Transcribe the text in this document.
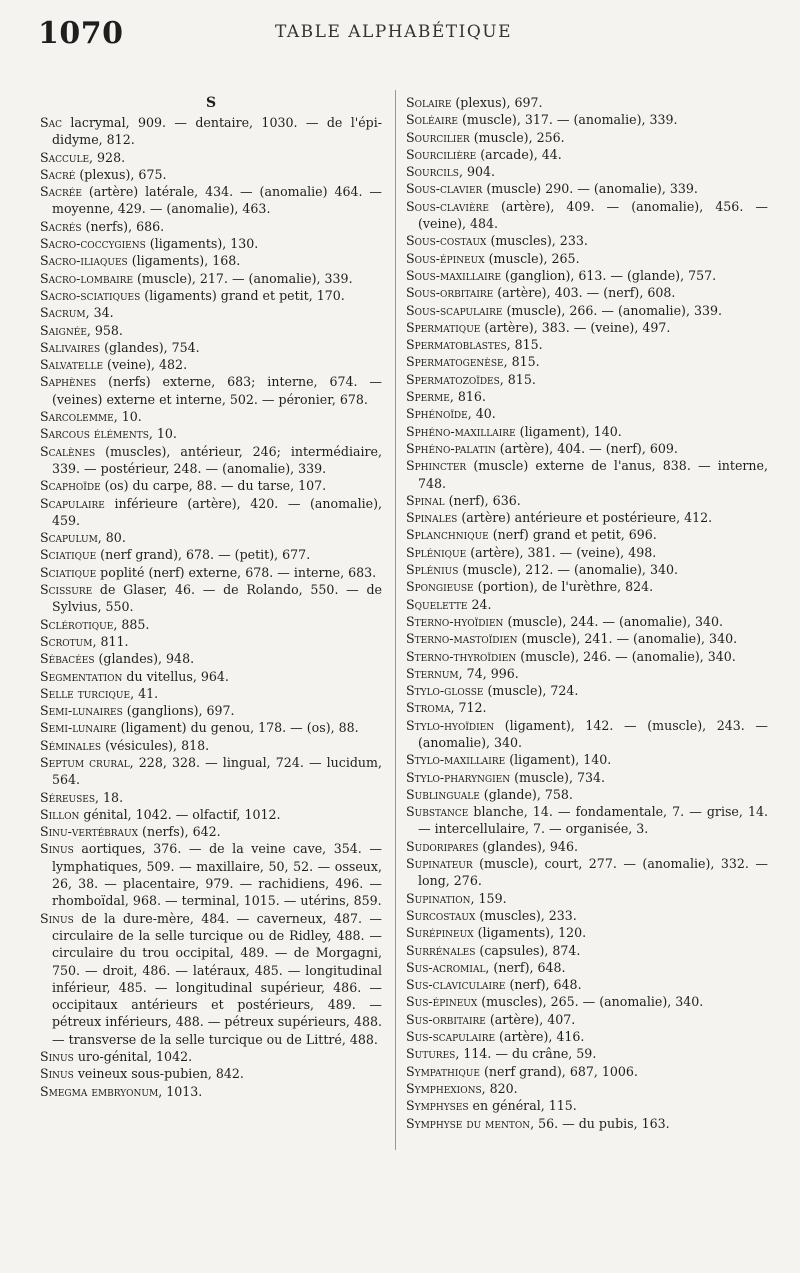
1070	TABLE ALPHABÉTIQUE
S

Sac lacrymal, 909. — dentaire, 1030. — de l'épi-didyme, 812.

Saccule, 928.

Sacré (plexus), 675.

Sacrée (artère) latérale, 434. — (anomalie) 464. — moyenne, 429. — (anomalie), 463.

Sacrés (nerfs), 686.

Sacro-coccygiens (ligaments), 130.

Sacro-iliaques (ligaments), 168.

Sacro-lombaire (muscle), 217. — (anomalie), 339.

Sacro-sciatiques (ligaments) grand et petit, 170.

Sacrum, 34.

Saignée, 958.

Salivaires (glandes), 754.

Salvatelle (veine), 482.

Saphènes (nerfs) externe, 683; interne, 674. — (veines) externe et interne, 502. — péronier, 678.

Sarcolemme, 10.

Sarcous éléments, 10.

Scalènes (muscles), antérieur, 246; intermédiaire, 339. — postérieur, 248. — (anomalie), 339.

Scaphoïde (os) du carpe, 88. — du tarse, 107.

Scapulaire inférieure (artère), 420. — (anomalie), 459.

Scapulum, 80.

Sciatique (nerf grand), 678. — (petit), 677.

Sciatique poplité (nerf) externe, 678. — interne, 683.

Scissure de Glaser, 46. — de Rolando, 550. — de Sylvius, 550.

Sclérotique, 885.

Scrotum, 811.

Sébacées (glandes), 948.

Segmentation du vitellus, 964.

Selle turcique, 41.

Semi-lunaires (ganglions), 697.

Semi-lunaire (ligament) du genou, 178. — (os), 88.

Séminales (vésicules), 818.

Septum crural, 228, 328. — lingual, 724. — lucidum, 564.

Séreuses, 18.

Sillon génital, 1042. — olfactif, 1012.

Sinu-vertébraux (nerfs), 642.

Sinus aortiques, 376. — de la veine cave, 354. — lymphatiques, 509. — maxillaire, 50, 52. — osseux, 26, 38. — placentaire, 979. — rachidiens, 496. — rhomboïdal, 968. — terminal, 1015. — utérins, 859.

Sinus de la dure-mère, 484. — caverneux, 487. — circulaire de la selle turcique ou de Ridley, 488. — circulaire du trou occipital, 489. — de Morgagni, 750. — droit, 486. — latéraux, 485. — longitudinal inférieur, 485. — longitudinal supérieur, 486. — occipitaux antérieurs et postérieurs, 489. — pétreux inférieurs, 488. — pétreux supérieurs, 488. — transverse de la selle turcique ou de Littré, 488.

Sinus uro-génital, 1042.

Sinus veineux sous-pubien, 842.

Smegma embryonum, 1013.

Solaire (plexus), 697.

Soléaire (muscle), 317. — (anomalie), 339.

Sourcilier (muscle), 256.

Sourcilière (arcade), 44.

Sourcils, 904.

Sous-clavier (muscle) 290. — (anomalie), 339.

Sous-clavière (artère), 409. — (anomalie), 456. — (veine), 484.

Sous-costaux (muscles), 233.

Sous-épineux (muscle), 265.

Sous-maxillaire (ganglion), 613. — (glande), 757.

Sous-orbitaire (artère), 403. — (nerf), 608.

Sous-scapulaire (muscle), 266. — (anomalie), 339.

Spermatique (artère), 383. — (veine), 497.

Spermatoblastes, 815.

Spermatogenèse, 815.

Spermatozoïdes, 815.

Sperme, 816.

Sphénoïde, 40.

Sphéno-maxillaire (ligament), 140.

Sphéno-palatin (artère), 404. — (nerf), 609.

Sphincter (muscle) externe de l'anus, 838. — interne, 748.

Spinal (nerf), 636.

Spinales (artère) antérieure et postérieure, 412.

Splanchnique (nerf) grand et petit, 696.

Splénique (artère), 381. — (veine), 498.

Splénius (muscle), 212. — (anomalie), 340.

Spongieuse (portion), de l'urèthre, 824.

Squelette 24.

Sterno-hyoïdien (muscle), 244. — (anomalie), 340.

Sterno-mastoïdien (muscle), 241. — (anomalie), 340.

Sterno-thyroïdien (muscle), 246. — (anomalie), 340.

Sternum, 74, 996.

Stylo-glosse (muscle), 724.

Stroma, 712.

Stylo-hyoïdien (ligament), 142. — (muscle), 243. — (anomalie), 340.

Stylo-maxillaire (ligament), 140.

Stylo-pharyngien (muscle), 734.

Sublinguale (glande), 758.

Substance blanche, 14. — fondamentale, 7. — grise, 14. — intercellulaire, 7. — organisée, 3.

Sudoripares (glandes), 946.

Supinateur (muscle), court, 277. — (anomalie), 332. — long, 276.

Supination, 159.

Surcostaux (muscles), 233.

Surépineux (ligaments), 120.

Surrénales (capsules), 874.

Sus-acromial, (nerf), 648.

Sus-claviculaire (nerf), 648.

Sus-épineux (muscles), 265. — (anomalie), 340.

Sus-orbitaire (artère), 407.

Sus-scapulaire (artère), 416.

Sutures, 114. — du crâne, 59.

Sympathique (nerf grand), 687, 1006.

Symphexions, 820.

Symphyses en général, 115.

Symphyse du menton, 56. — du pubis, 163.
